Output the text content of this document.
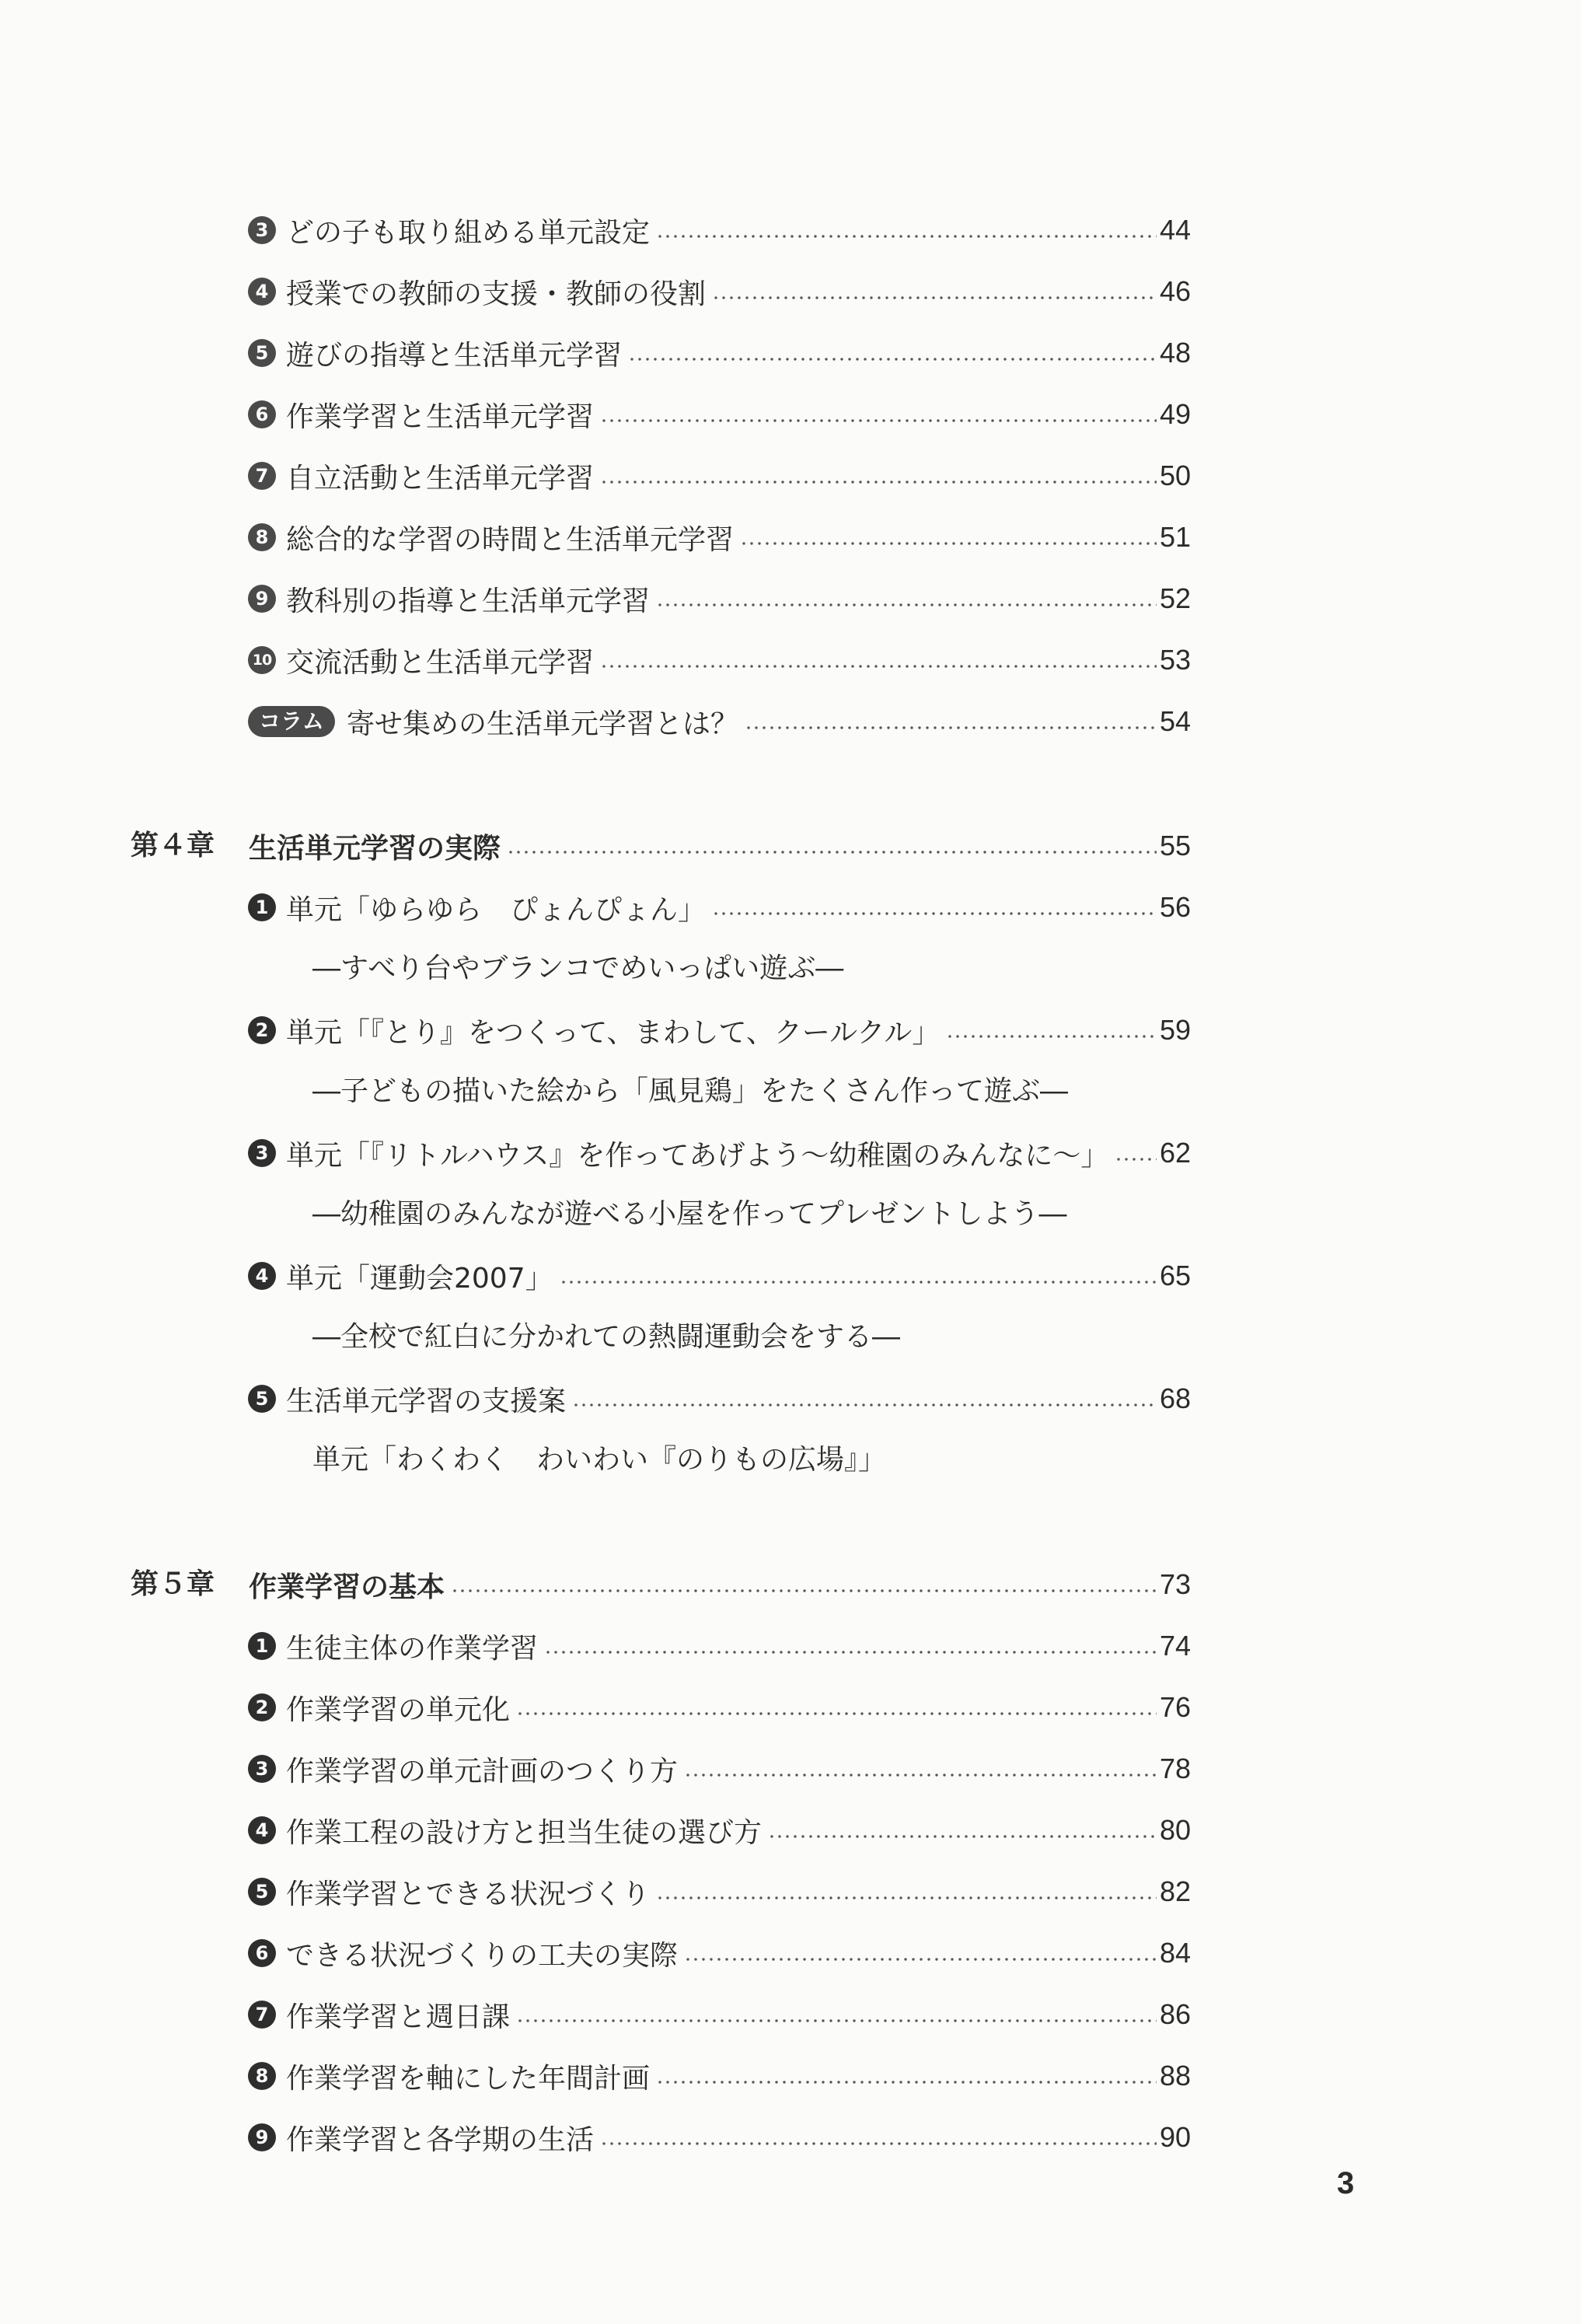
3 どの子も取り組める単元設定	44
4 授業での教師の支援・教師の役割	46
5 遊びの指導と生活単元学習	48
6 作業学習と生活単元学習	49
7 自立活動と生活単元学習	50
8 総合的な学習の時間と生活単元学習	51
9 教科別の指導と生活単元学習	52
10 交流活動と生活単元学習	53
コラム 寄せ集めの生活単元学習とは？	54
第４章 生活単元学習の実際	55
1 単元「ゆらゆら　ぴょんぴょん」	56
―すべり台やブランコでめいっぱい遊ぶ―
2 単元「『とり』をつくって、まわして、クールクル」	59
―子どもの描いた絵から「風見鶏」をたくさん作って遊ぶ―
3 単元「『リトルハウス』を作ってあげよう～幼稚園のみんなに～」 62
―幼稚園のみんなが遊べる小屋を作ってプレゼントしよう―
4 単元「運動会2007」	65
―全校で紅白に分かれての熱闘運動会をする―
5 生活単元学習の支援案	68
単元「わくわく　わいわい『のりもの広場』」
第５章 作業学習の基本	73
1 生徒主体の作業学習	74
2 作業学習の単元化	76
3 作業学習の単元計画のつくり方	78
4 作業工程の設け方と担当生徒の選び方	80
5 作業学習とできる状況づくり	82
6 できる状況づくりの工夫の実際	84
7 作業学習と週日課	86
8 作業学習を軸にした年間計画	88
9 作業学習と各学期の生活	90
3
